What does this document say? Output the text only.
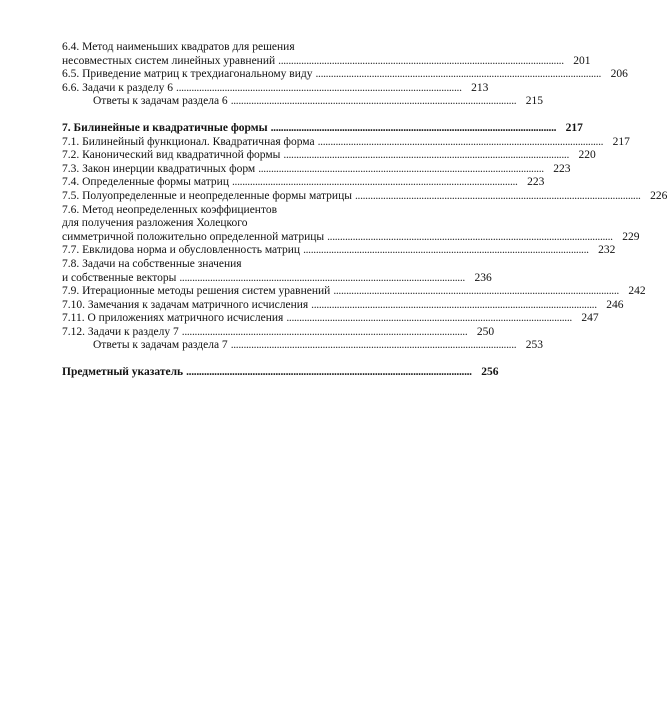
6.4. Метод наименьших квадратов для решения
несовместных систем линейных уравнений . . .	201
6.5. Приведение матриц к трехдиагональному виду . . .	206
6.6. Задачи к разделу 6 . . .	213
Ответы к задачам раздела 6 . . .	215
7. Билинейные и квадратичные формы . . .	217
7.1. Билинейный функционал. Квадратичная форма . . .	217
7.2. Канонический вид квадратичной формы . . .	220
7.3. Закон инерции квадратичных форм . . .	223
7.4. Определенные формы матриц . . .	223
7.5. Полуопределенные и неопределенные формы матрицы . . .	226
7.6. Метод неопределенных коэффициентов
для получения разложения Холецкого
симметричной положительно определенной матрицы . . .	229
7.7. Евклидова норма и обусловленность матриц . . .	232
7.8. Задачи на собственные значения
и собственные векторы . . .	236
7.9. Итерационные методы решения систем уравнений . . .	242
7.10. Замечания к задачам матричного исчисления . . .	246
7.11. О приложениях матричного исчисления . . .	247
7.12. Задачи к разделу 7 . . .	250
Ответы к задачам раздела 7 . . .	253
Предметный указатель . . .	256
